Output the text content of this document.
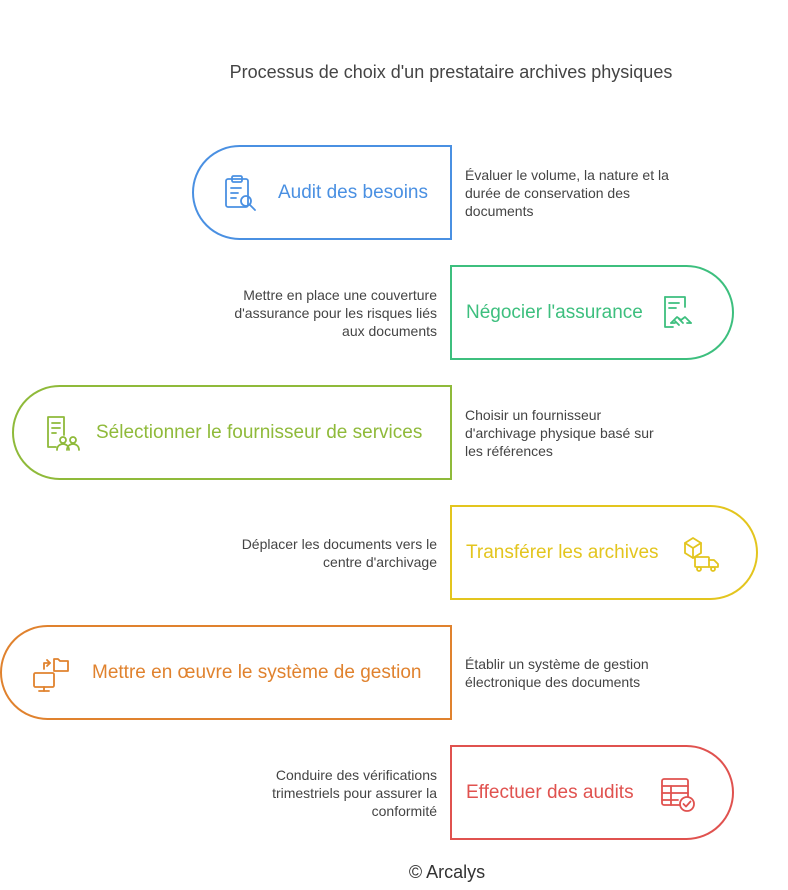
Processus de choix d'un prestataire archives physiques
Audit des besoins
Évaluer le volume, la nature et la durée de conservation des documents
Négocier l'assurance
Mettre en place une couverture d'assurance pour les risques liés aux documents
Sélectionner le fournisseur de services
Choisir un fournisseur d'archivage physique basé sur les références
Transférer les archives
Déplacer les documents vers le centre d'archivage
Mettre en œuvre le système de gestion	Établir un système de gestion électronique des documents
Effectuer des audits
Conduire des vérifications trimestriels pour assurer la conformité
© Arcalys
